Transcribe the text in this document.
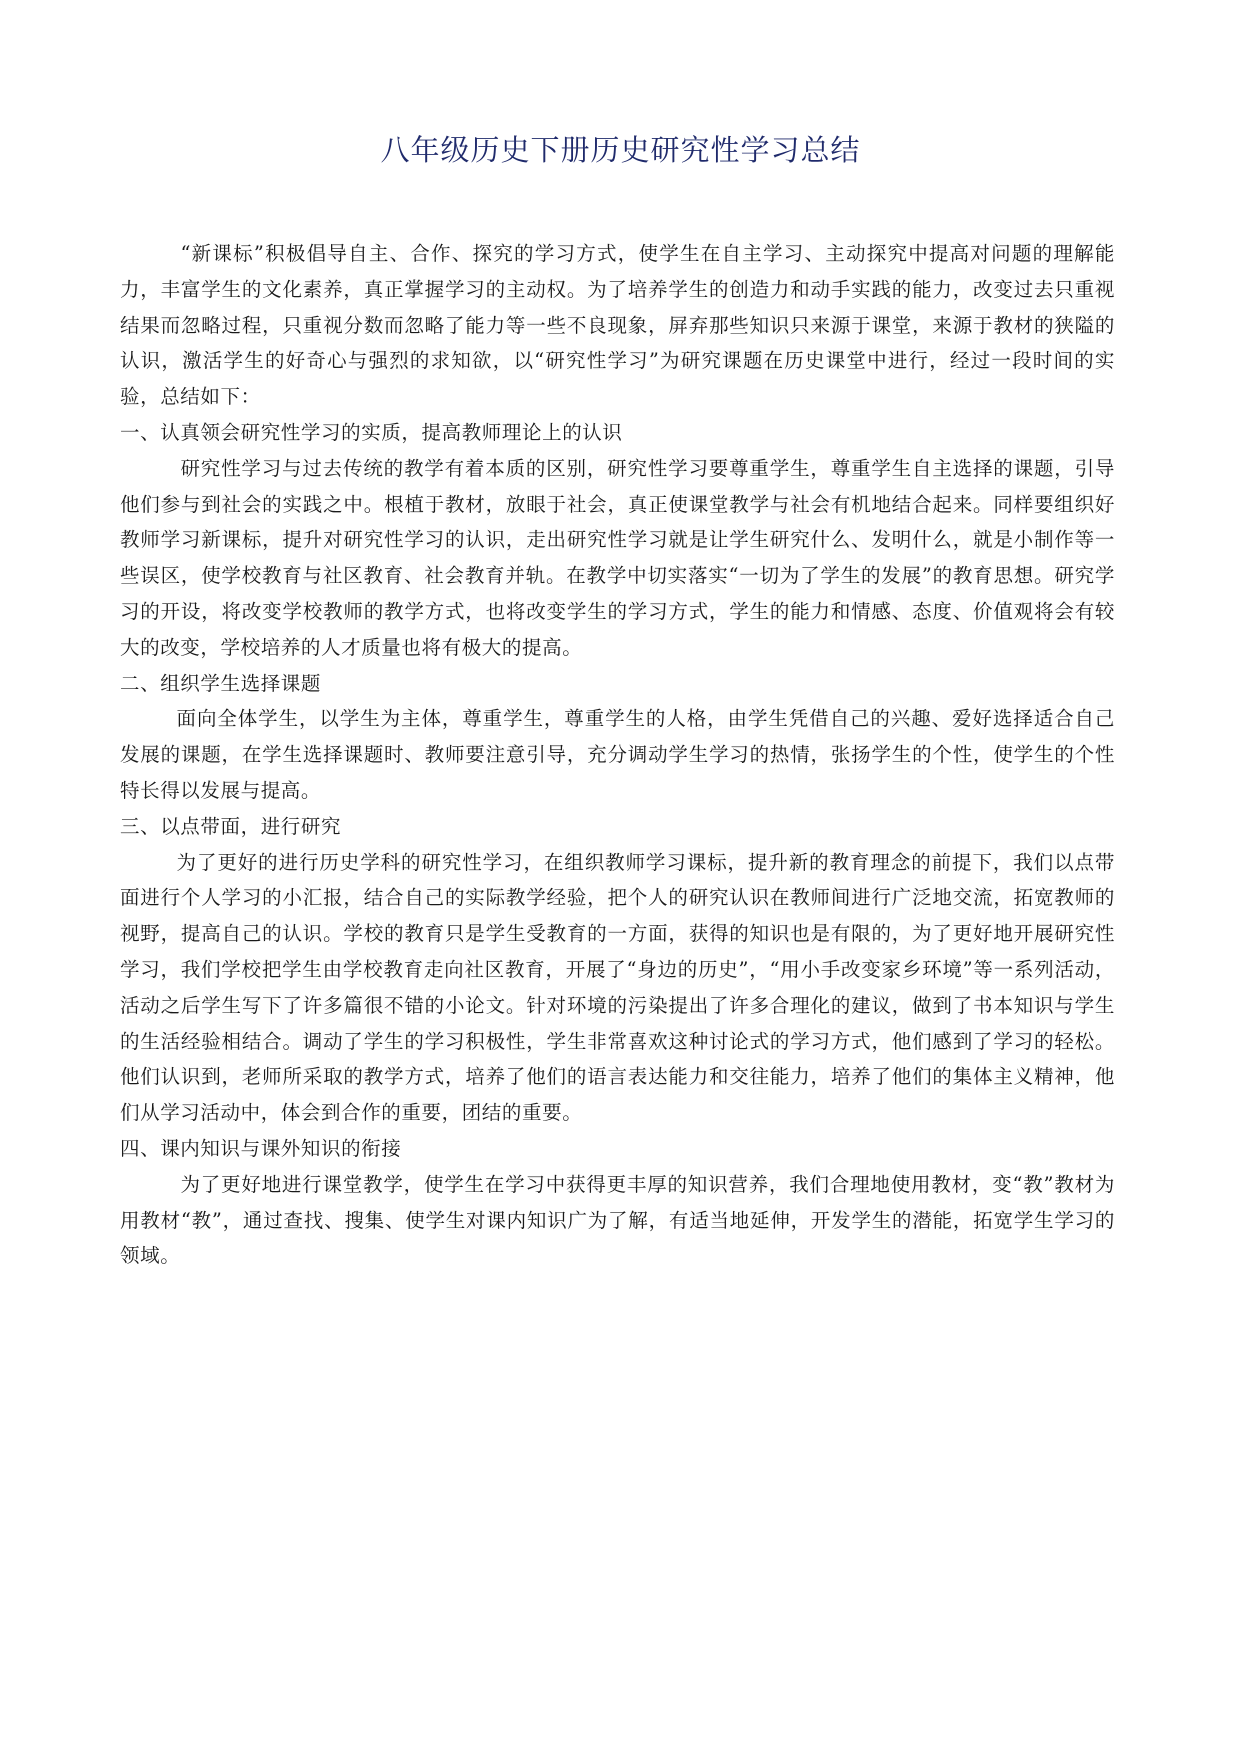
八年级历史下册历史研究性学习总结

“新课标”积极倡导自主、合作、探究的学习方式，使学生在自主学习、主动探究中提高对问题的理解能力，丰富学生的文化素养，真正掌握学习的主动权。为了培养学生的创造力和动手实践的能力，改变过去只重视结果而忽略过程，只重视分数而忽略了能力等一些不良现象，屏弃那些知识只来源于课堂，来源于教材的狭隘的认识，激活学生的好奇心与强烈的求知欲，以“研究性学习”为研究课题在历史课堂中进行，经过一段时间的实验，总结如下：

一、认真领会研究性学习的实质，提高教师理论上的认识

研究性学习与过去传统的教学有着本质的区别，研究性学习要尊重学生，尊重学生自主选择的课题，引导他们参与到社会的实践之中。根植于教材，放眼于社会，真正使课堂教学与社会有机地结合起来。同样要组织好教师学习新课标，提升对研究性学习的认识，走出研究性学习就是让学生研究什么、发明什么，就是小制作等一些误区，使学校教育与社区教育、社会教育并轨。在教学中切实落实“一切为了学生的发展”的教育思想。研究学习的开设，将改变学校教师的教学方式，也将改变学生的学习方式，学生的能力和情感、态度、价值观将会有较大的改变，学校培养的人才质量也将有极大的提高。

二、组织学生选择课题

面向全体学生，以学生为主体，尊重学生，尊重学生的人格，由学生凭借自己的兴趣、爱好选择适合自己发展的课题，在学生选择课题时、教师要注意引导，充分调动学生学习的热情，张扬学生的个性，使学生的个性特长得以发展与提高。

三、以点带面，进行研究

为了更好的进行历史学科的研究性学习，在组织教师学习课标，提升新的教育理念的前提下，我们以点带面进行个人学习的小汇报，结合自己的实际教学经验，把个人的研究认识在教师间进行广泛地交流，拓宽教师的视野，提高自己的认识。学校的教育只是学生受教育的一方面，获得的知识也是有限的，为了更好地开展研究性学习，我们学校把学生由学校教育走向社区教育，开展了“身边的历史”，“用小手改变家乡环境”等一系列活动，活动之后学生写下了许多篇很不错的小论文。针对环境的污染提出了许多合理化的建议，做到了书本知识与学生的生活经验相结合。调动了学生的学习积极性，学生非常喜欢这种讨论式的学习方式，他们感到了学习的轻松。他们认识到，老师所采取的教学方式，培养了他们的语言表达能力和交往能力，培养了他们的集体主义精神，他们从学习活动中，体会到合作的重要，团结的重要。

四、课内知识与课外知识的衔接

为了更好地进行课堂教学，使学生在学习中获得更丰厚的知识营养，我们合理地使用教材，变“教”教材为用教材“教”，通过查找、搜集、使学生对课内知识广为了解，有适当地延伸，开发学生的潜能，拓宽学生学习的领域。
